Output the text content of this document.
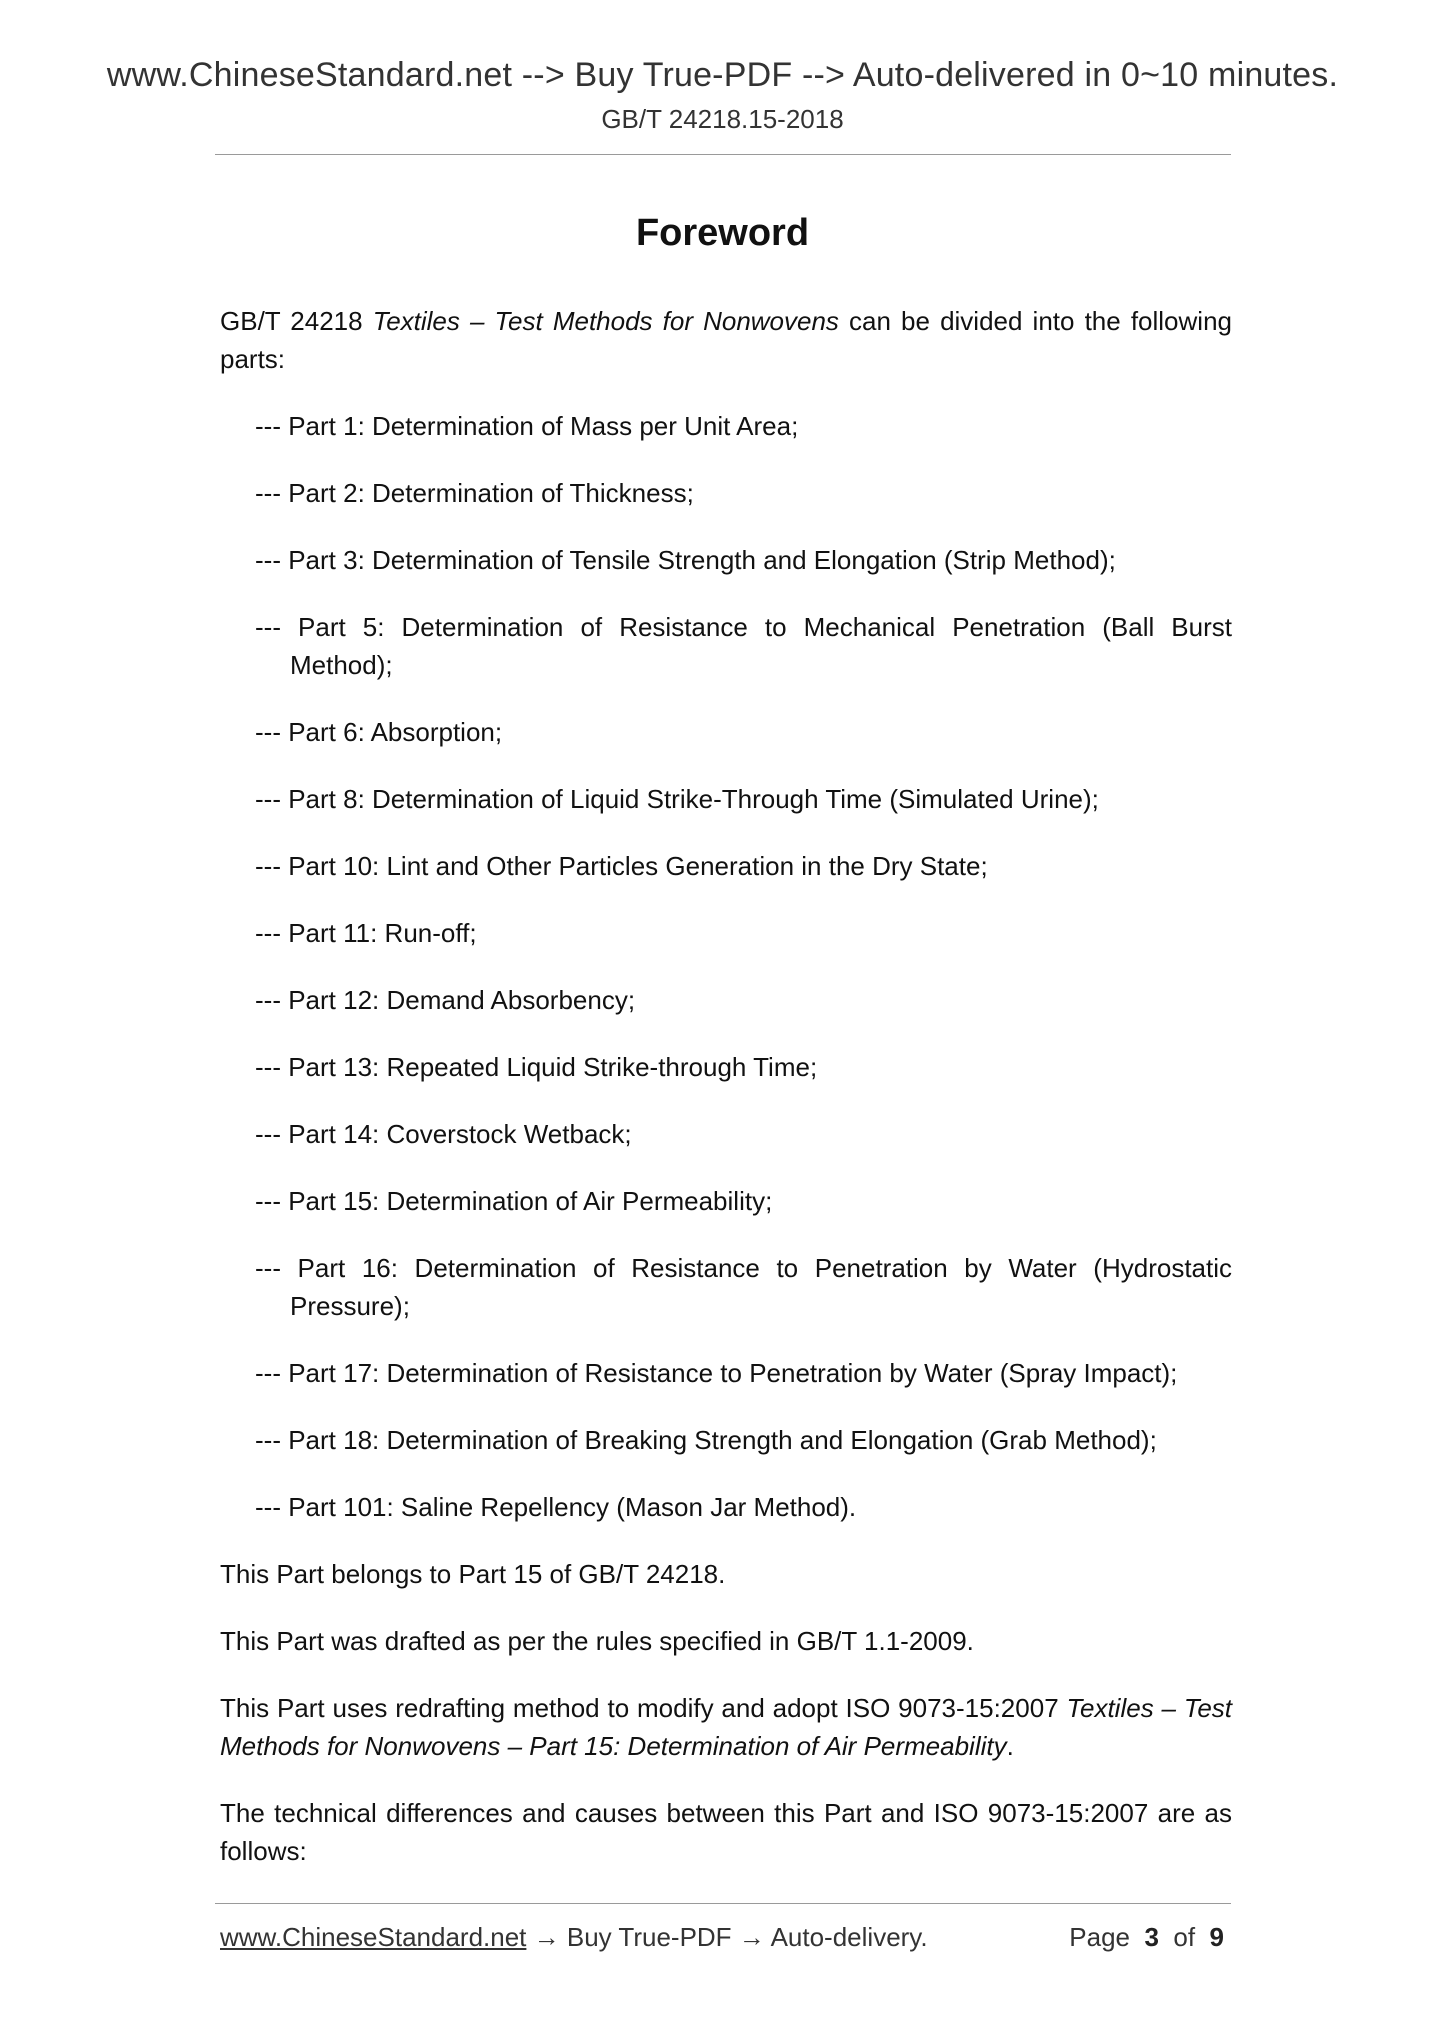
www.ChineseStandard.net --> Buy True-PDF --> Auto-delivered in 0~10 minutes.
GB/T 24218.15-2018
Foreword

GB/T 24218 Textiles – Test Methods for Nonwovens can be divided into the following parts:

--- Part 1: Determination of Mass per Unit Area;

--- Part 2: Determination of Thickness;

--- Part 3: Determination of Tensile Strength and Elongation (Strip Method);

--- Part 5: Determination of Resistance to Mechanical Penetration (Ball Burst Method);

--- Part 6: Absorption;

--- Part 8: Determination of Liquid Strike-Through Time (Simulated Urine);

--- Part 10: Lint and Other Particles Generation in the Dry State;

--- Part 11: Run-off;

--- Part 12: Demand Absorbency;

--- Part 13: Repeated Liquid Strike-through Time;

--- Part 14: Coverstock Wetback;

--- Part 15: Determination of Air Permeability;

--- Part 16: Determination of Resistance to Penetration by Water (Hydrostatic Pressure);

--- Part 17: Determination of Resistance to Penetration by Water (Spray Impact);

--- Part 18: Determination of Breaking Strength and Elongation (Grab Method);

--- Part 101: Saline Repellency (Mason Jar Method).

This Part belongs to Part 15 of GB/T 24218.

This Part was drafted as per the rules specified in GB/T 1.1-2009.

This Part uses redrafting method to modify and adopt ISO 9073-15:2007 Textiles – Test Methods for Nonwovens – Part 15: Determination of Air Permeability.

The technical differences and causes between this Part and ISO 9073-15:2007 are as follows:

www.ChineseStandard.net → Buy True-PDF → Auto-delivery.	Page 3 of 9
